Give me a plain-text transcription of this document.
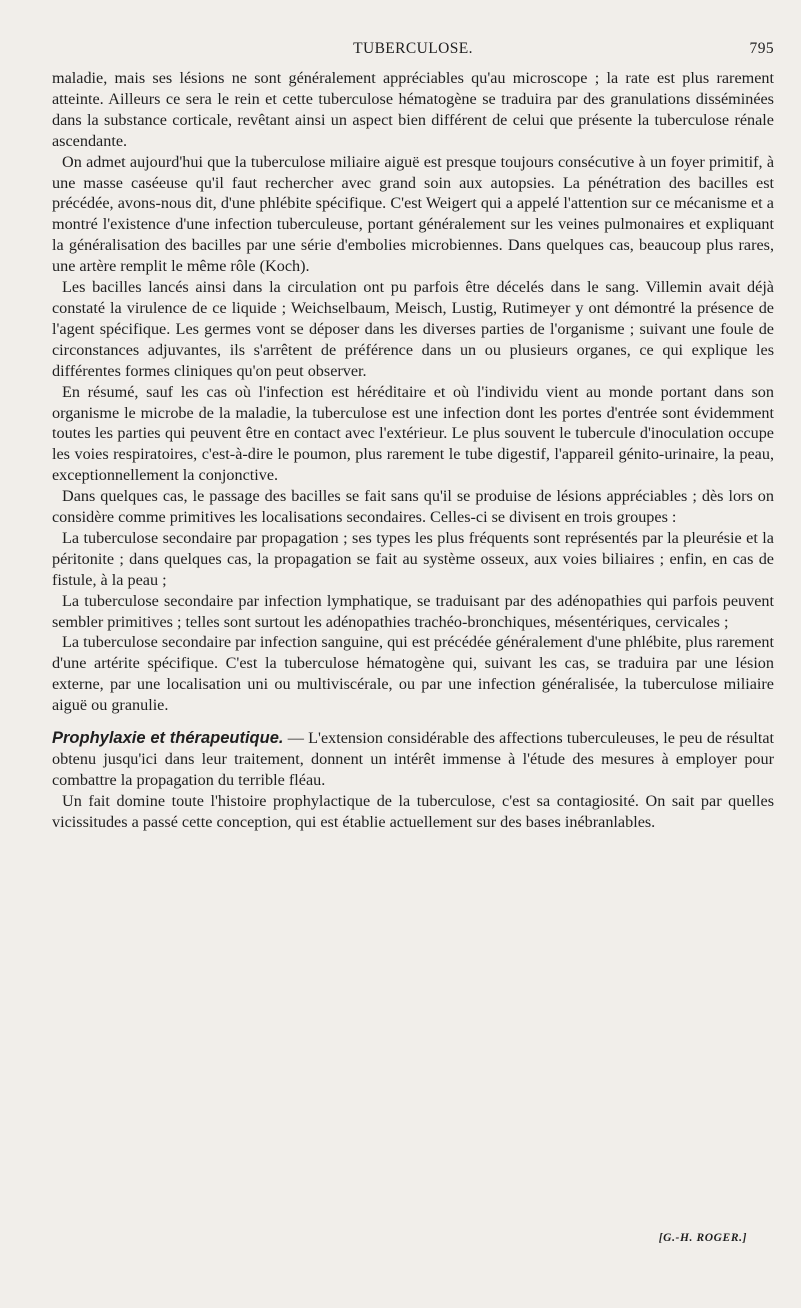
TUBERCULOSE.	795

maladie, mais ses lésions ne sont généralement appréciables qu'au microscope ; la rate est plus rarement atteinte. Ailleurs ce sera le rein et cette tuberculose hématogène se traduira par des granulations disséminées dans la substance corticale, revêtant ainsi un aspect bien différent de celui que présente la tuberculose rénale ascendante.

On admet aujourd'hui que la tuberculose miliaire aiguë est presque toujours consécutive à un foyer primitif, à une masse caséeuse qu'il faut rechercher avec grand soin aux autopsies. La pénétration des bacilles est précédée, avons-nous dit, d'une phlébite spécifique. C'est Weigert qui a appelé l'attention sur ce mécanisme et a montré l'existence d'une infection tuberculeuse, portant généralement sur les veines pulmonaires et expliquant la généralisation des bacilles par une série d'embolies microbiennes. Dans quelques cas, beaucoup plus rares, une artère remplit le même rôle (Koch).

Les bacilles lancés ainsi dans la circulation ont pu parfois être décelés dans le sang. Villemin avait déjà constaté la virulence de ce liquide ; Weichselbaum, Meisch, Lustig, Rutimeyer y ont démontré la présence de l'agent spécifique. Les germes vont se déposer dans les diverses parties de l'organisme ; suivant une foule de circonstances adjuvantes, ils s'arrêtent de préférence dans un ou plusieurs organes, ce qui explique les différentes formes cliniques qu'on peut observer.

En résumé, sauf les cas où l'infection est héréditaire et où l'individu vient au monde portant dans son organisme le microbe de la maladie, la tuberculose est une infection dont les portes d'entrée sont évidemment toutes les parties qui peuvent être en contact avec l'extérieur. Le plus souvent le tubercule d'inoculation occupe les voies respiratoires, c'est-à-dire le poumon, plus rarement le tube digestif, l'appareil génito-urinaire, la peau, exceptionnellement la conjonctive.

Dans quelques cas, le passage des bacilles se fait sans qu'il se produise de lésions appréciables ; dès lors on considère comme primitives les localisations secondaires. Celles-ci se divisent en trois groupes :

La tuberculose secondaire par propagation ; ses types les plus fréquents sont représentés par la pleurésie et la péritonite ; dans quelques cas, la propagation se fait au système osseux, aux voies biliaires ; enfin, en cas de fistule, à la peau ;

La tuberculose secondaire par infection lymphatique, se traduisant par des adénopathies qui parfois peuvent sembler primitives ; telles sont surtout les adénopathies trachéo-bronchiques, mésentériques, cervicales ;

La tuberculose secondaire par infection sanguine, qui est précédée généralement d'une phlébite, plus rarement d'une artérite spécifique. C'est la tuberculose hématogène qui, suivant les cas, se traduira par une lésion externe, par une localisation uni ou multiviscérale, ou par une infection généralisée, la tuberculose miliaire aiguë ou granulie.

Prophylaxie et thérapeutique. — L'extension considérable des affections tuberculeuses, le peu de résultat obtenu jusqu'ici dans leur traitement, donnent un intérêt immense à l'étude des mesures à employer pour combattre la propagation du terrible fléau.

Un fait domine toute l'histoire prophylactique de la tuberculose, c'est sa contagiosité. On sait par quelles vicissitudes a passé cette conception, qui est établie actuellement sur des bases inébranlables.

[G.-H. ROGER.]
